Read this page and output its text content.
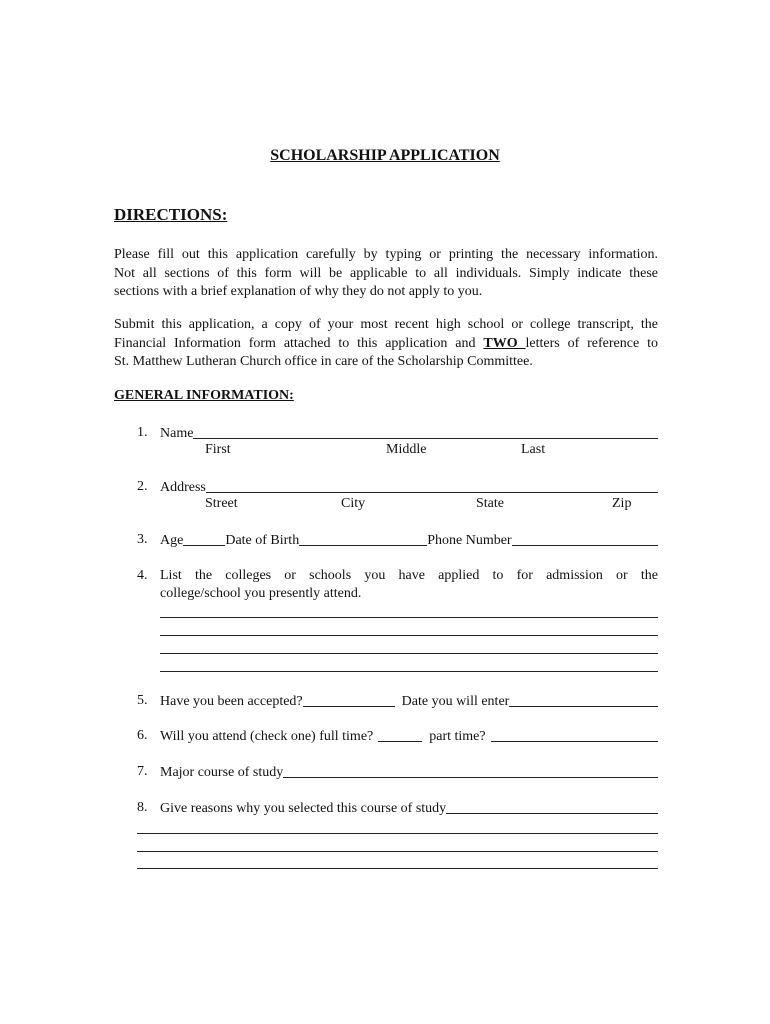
SCHOLARSHIP APPLICATION
DIRECTIONS:

Please fill out this application carefully by typing or printing the necessary information.

Not all sections of this form will be applicable to all individuals. Simply indicate these

sections with a brief explanation of why they do not apply to you.

Submit this application, a copy of your most recent high school or college transcript, the

Financial Information form attached to this application and TWO letters of reference to

St. Matthew Lutheran Church office in care of the Scholarship Committee.

GENERAL INFORMATION:
1. Name
First	Middle	Last
2. Address
Street	City	State	Zip
3. Age	Date of Birth	Phone Number
4. List the colleges or schools you have applied to for admission or the

college/school you presently attend.

5. Have you been accepted?	Date you will enter
6. Will you attend (check one) full time?	part time?
7. Major course of study
8. Give reasons why you selected this course of study
